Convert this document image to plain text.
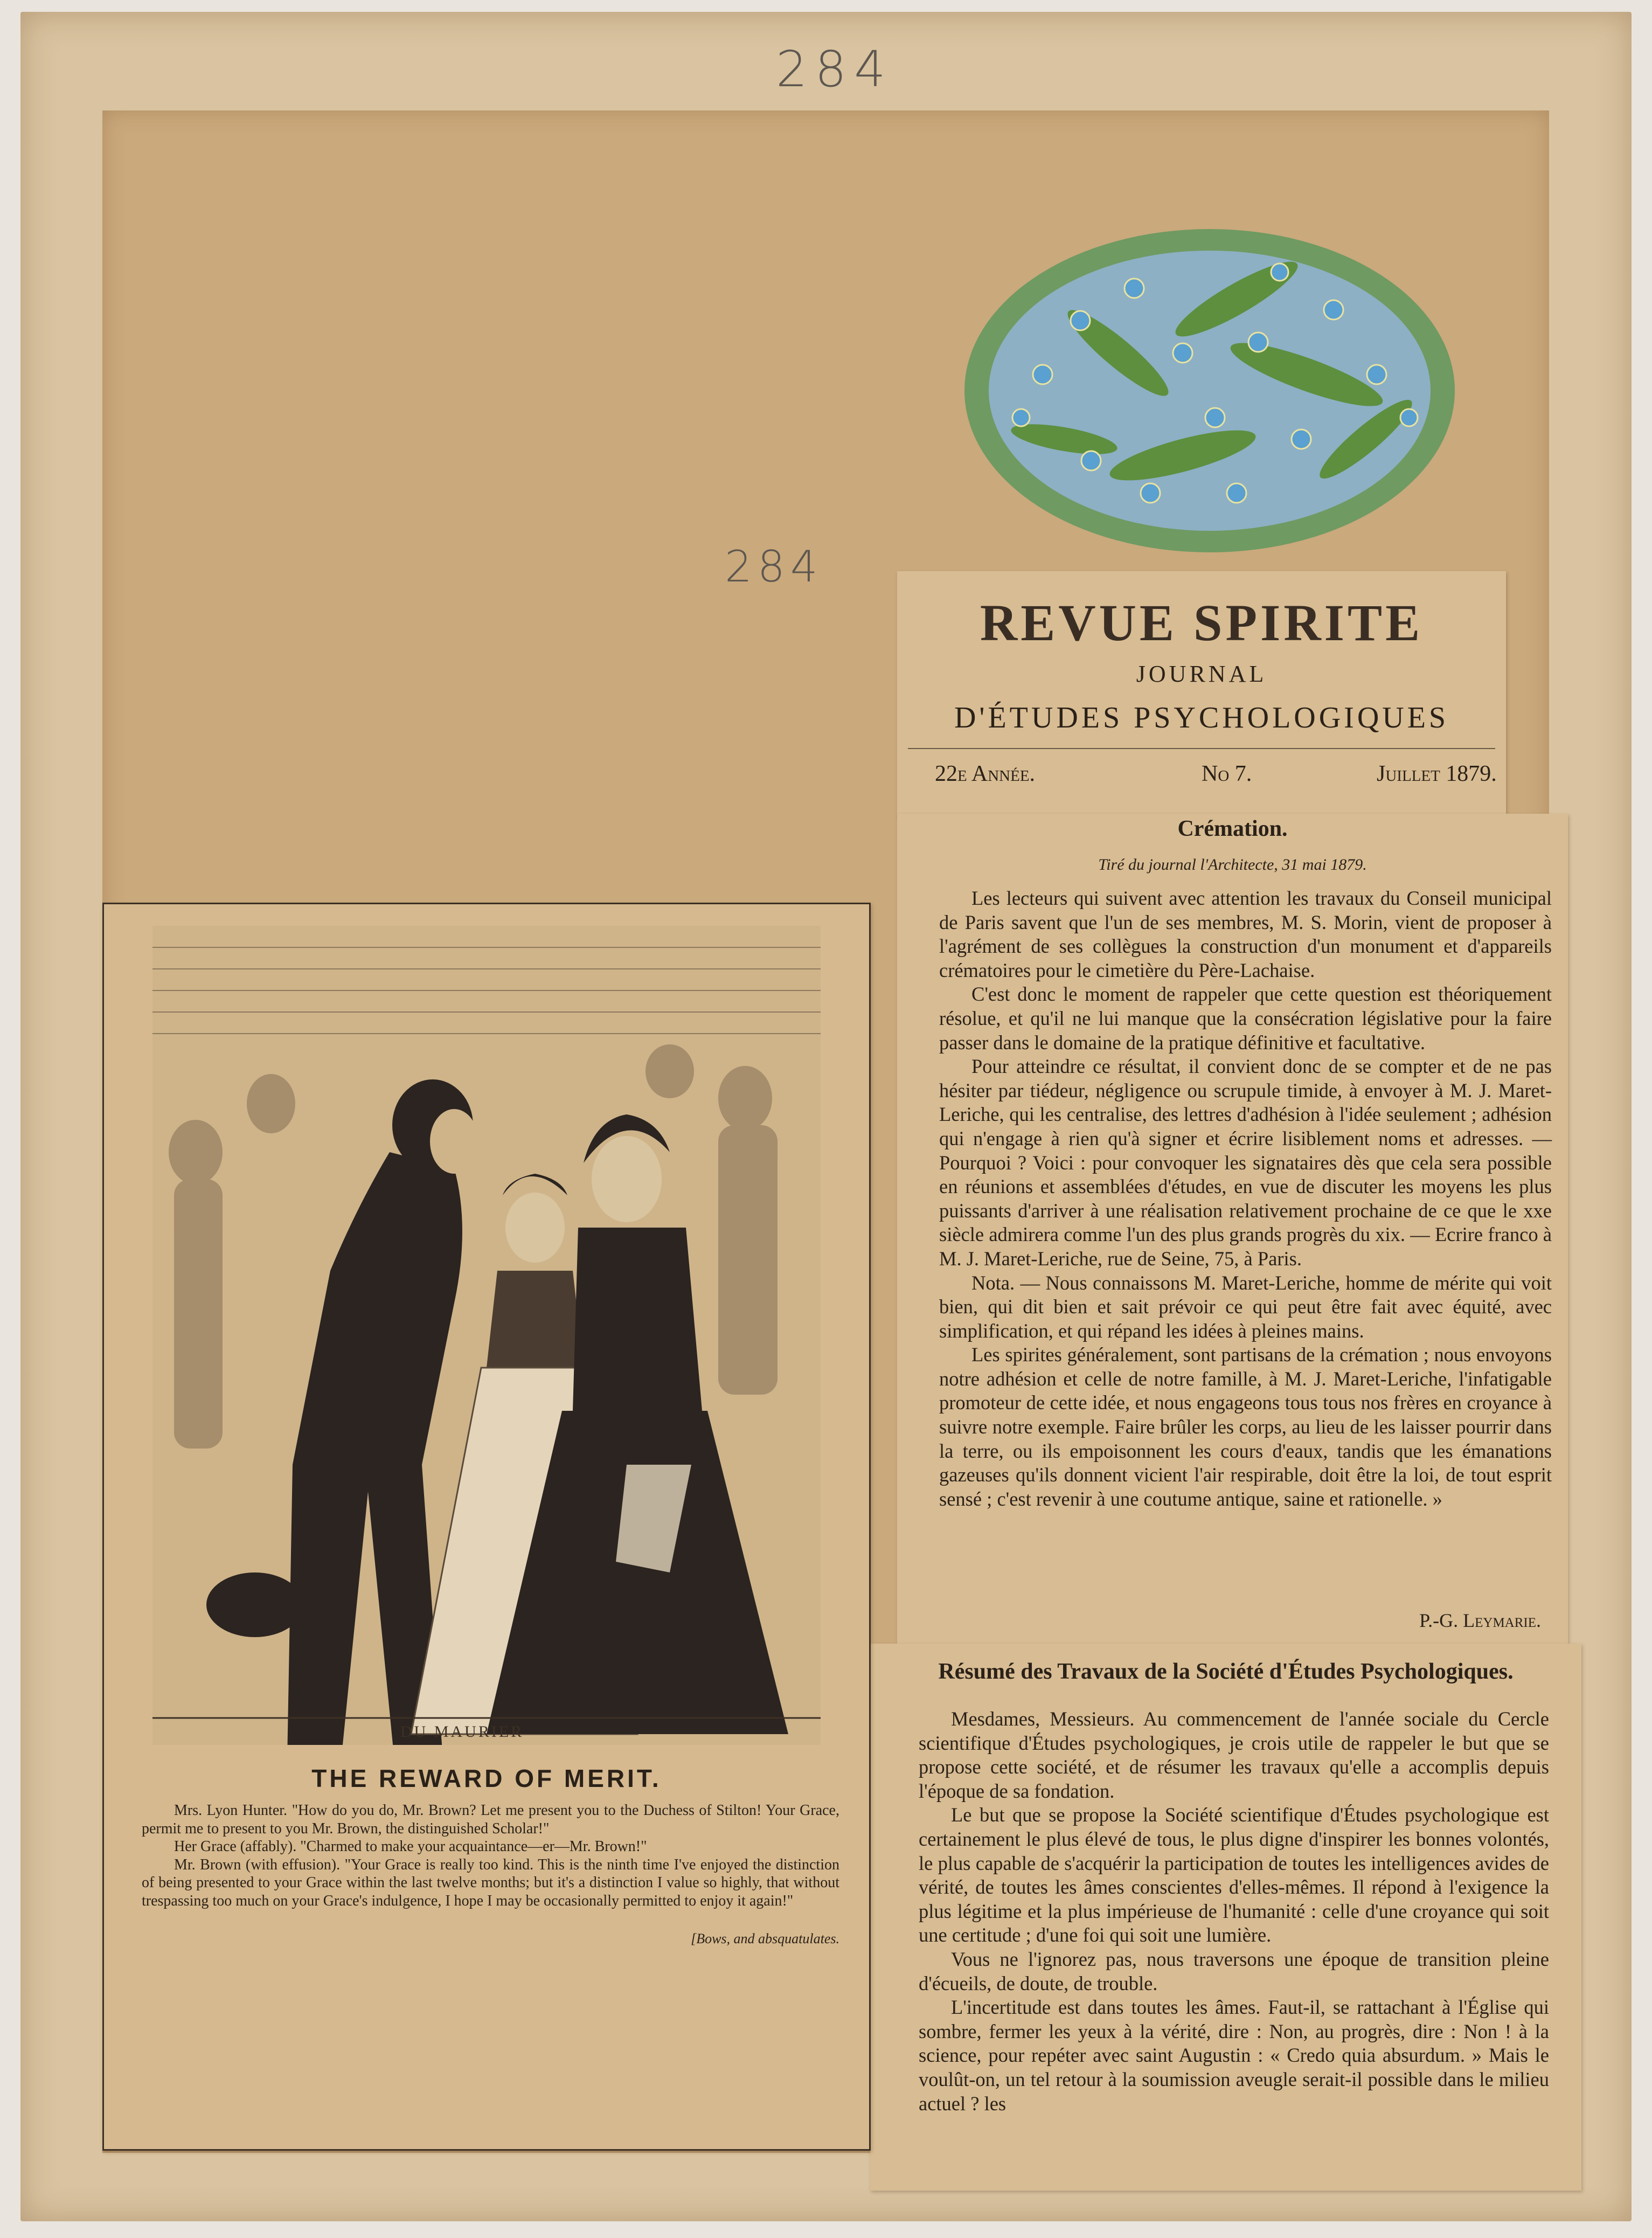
284
284
REVUE SPIRITE
JOURNAL
D'ÉTUDES PSYCHOLOGIQUES
22e Année.	No 7.	Juillet 1879.
Crémation.
Tiré du journal l'Architecte, 31 mai 1879.

Les lecteurs qui suivent avec attention les travaux du Conseil municipal de Paris savent que l'un de ses membres, M. S. Morin, vient de proposer à l'agrément de ses collègues la construction d'un monument et d'appareils crématoires pour le cimetière du Père-Lachaise.

C'est donc le moment de rappeler que cette question est théoriquement résolue, et qu'il ne lui manque que la consécration législative pour la faire passer dans le domaine de la pratique définitive et facultative.

Pour atteindre ce résultat, il convient donc de se compter et de ne pas hésiter par tiédeur, négligence ou scrupule timide, à envoyer à M. J. Maret-Leriche, qui les centralise, des lettres d'adhésion à l'idée seulement ; adhésion qui n'engage à rien qu'à signer et écrire lisiblement noms et adresses. — Pourquoi ? Voici : pour convoquer les signataires dès que cela sera possible en réunions et assemblées d'études, en vue de discuter les moyens les plus puissants d'arriver à une réalisation relativement prochaine de ce que le xxe siècle admirera comme l'un des plus grands progrès du xix. — Ecrire franco à M. J. Maret-Leriche, rue de Seine, 75, à Paris.

Nota. — Nous connaissons M. Maret-Leriche, homme de mérite qui voit bien, qui dit bien et sait prévoir ce qui peut être fait avec équité, avec simplification, et qui répand les idées à pleines mains.

Les spirites généralement, sont partisans de la crémation ; nous envoyons notre adhésion et celle de notre famille, à M. J. Maret-Leriche, l'infatigable promoteur de cette idée, et nous engageons tous tous nos frères en croyance à suivre notre exemple. Faire brûler les corps, au lieu de les laisser pourrir dans la terre, ou ils empoisonnent les cours d'eaux, tandis que les émanations gazeuses qu'ils donnent vicient l'air respirable, doit être la loi, de tout esprit sensé ; c'est revenir à une coutume antique, saine et rationelle. »

P.-G. Leymarie.
Résumé des Travaux de la Société d'Études Psychologiques.

Mesdames, Messieurs. Au commencement de l'année sociale du Cercle scientifique d'Études psychologiques, je crois utile de rappeler le but que se propose cette société, et de résumer les travaux qu'elle a accomplis depuis l'époque de sa fondation.

Le but que se propose la Société scientifique d'Études psychologique est certainement le plus élevé de tous, le plus digne d'inspirer les bonnes volontés, le plus capable de s'acquérir la participation de toutes les intelligences avides de vérité, de toutes les âmes conscientes d'elles-mêmes. Il répond à l'exigence la plus légitime et la plus impérieuse de l'humanité : celle d'une croyance qui soit une certitude ; d'une foi qui soit une lumière.

Vous ne l'ignorez pas, nous traversons une époque de transition pleine d'écueils, de doute, de trouble.

L'incertitude est dans toutes les âmes. Faut-il, se rattachant à l'Église qui sombre, fermer les yeux à la vérité, dire : Non, au progrès, dire : Non ! à la science, pour repéter avec saint Augustin : « Credo quia absurdum. » Mais le voulût-on, un tel retour à la soumission aveugle serait-il possible dans le milieu actuel ? les

DU MAURIER
THE REWARD OF MERIT.

Mrs. Lyon Hunter. "How do you do, Mr. Brown? Let me present you to the Duchess of Stilton! Your Grace, permit me to present to you Mr. Brown, the distinguished Scholar!"

Her Grace (affably). "Charmed to make your acquaintance—er—Mr. Brown!"

Mr. Brown (with effusion). "Your Grace is really too kind. This is the ninth time I've enjoyed the distinction of being presented to your Grace within the last twelve months; but it's a distinction I value so highly, that without trespassing too much on your Grace's indulgence, I hope I may be occasionally permitted to enjoy it again!"

[Bows, and absquatulates.
